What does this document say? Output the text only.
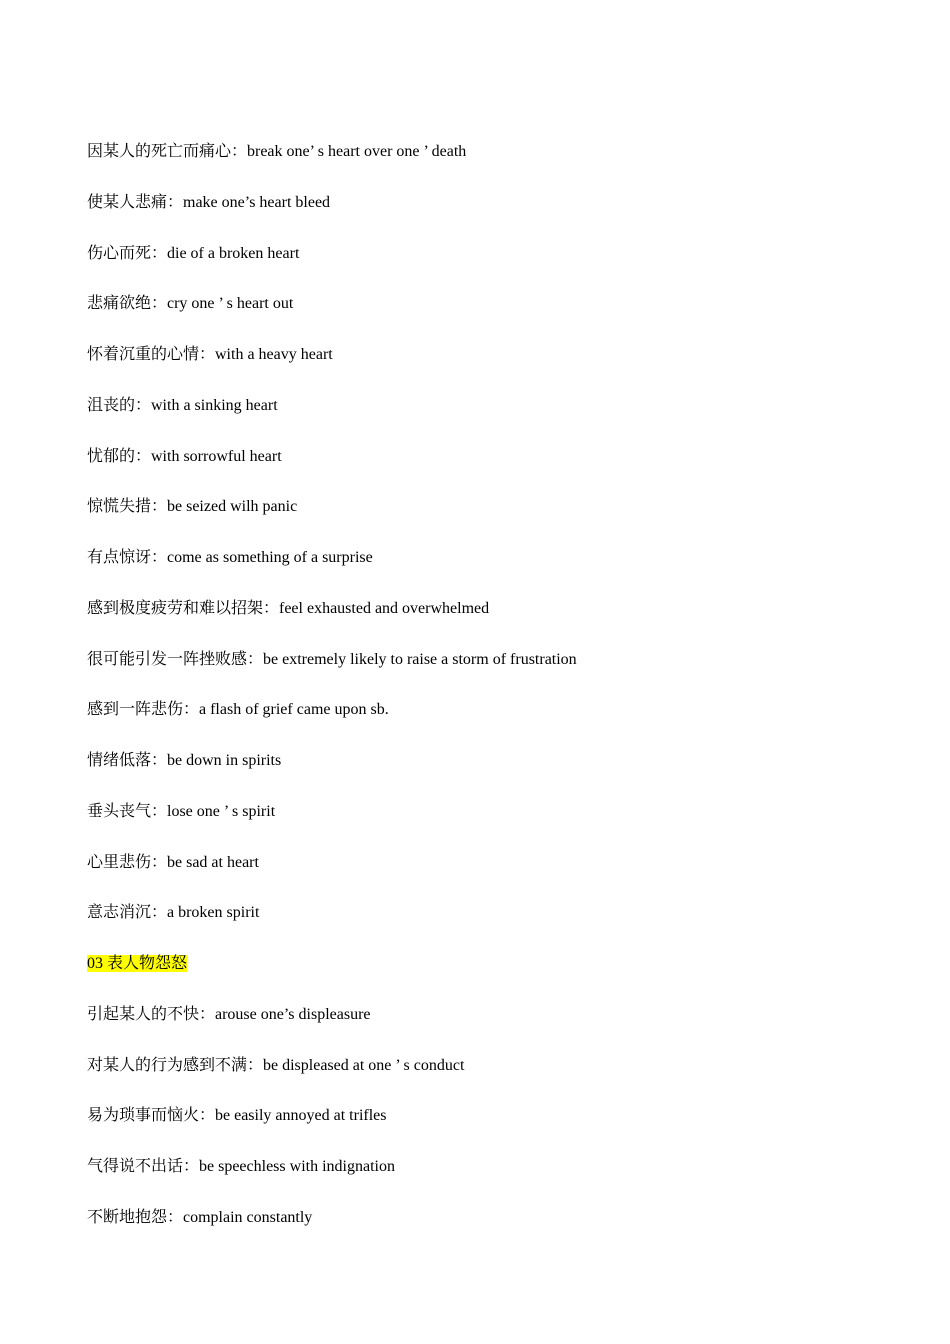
因某人的死亡而痛心：break one’ s heart over one ’ death
使某人悲痛：make one’s heart bleed
伤心而死：die of a broken heart
悲痛欲绝：cry one ’ s heart out
怀着沉重的心情：with a heavy heart
沮丧的：with a sinking heart
忧郁的：with sorrowful heart
惊慌失措：be seized wilh panic
有点惊讶：come as something of a surprise
感到极度疲劳和难以招架：feel exhausted and overwhelmed
很可能引发一阵挫败感：be extremely likely to raise a storm of frustration
感到一阵悲伤：a flash of grief came upon sb.
情绪低落：be down in spirits
垂头丧气：lose one ’ s spirit
心里悲伤：be sad at heart
意志消沉：a broken spirit
03 表人物怨怒
引起某人的不快：arouse one’s displeasure
对某人的行为感到不满：be displeased at one ’ s conduct
易为琐事而恼火：be easily annoyed at trifles
气得说不出话：be speechless with indignation
不断地抱怨：complain constantly
